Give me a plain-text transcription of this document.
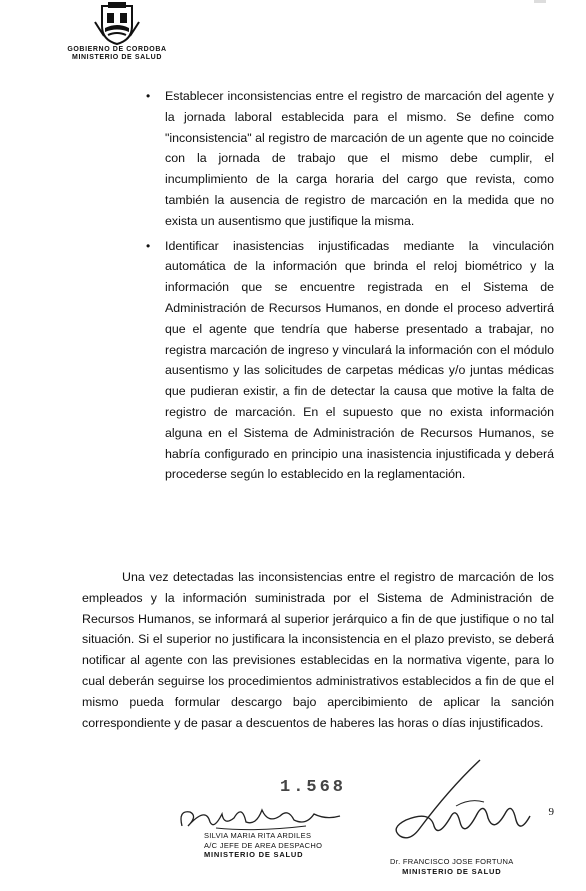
GOBIERNO DE CORDOBA
MINISTERIO DE SALUD
• Establecer inconsistencias entre el registro de marcación del agente y la jornada laboral establecida para el mismo. Se define como "inconsistencia" al registro de marcación de un agente que no coincide con la jornada de trabajo que el mismo debe cumplir, el incumplimiento de la carga horaria del cargo que revista, como también la ausencia de registro de marcación en la medida que no exista un ausentismo que justifique la misma.
• Identificar inasistencias injustificadas mediante la vinculación automática de la información que brinda el reloj biométrico y la información que se encuentre registrada en el Sistema de Administración de Recursos Humanos, en donde el proceso advertirá que el agente que tendría que haberse presentado a trabajar, no registra marcación de ingreso y vinculará la información con el módulo ausentismo y las solicitudes de carpetas médicas y/o juntas médicas que pudieran existir, a fin de detectar la causa que motive la falta de registro de marcación. En el supuesto que no exista información alguna en el Sistema de Administración de Recursos Humanos, se habría configurado en principio una inasistencia injustificada y deberá procederse según lo establecido en la reglamentación.

Una vez detectadas las inconsistencias entre el registro de marcación de los empleados y la información suministrada por el Sistema de Administración de Recursos Humanos, se informará al superior jerárquico a fin de que justifique o no tal situación. Si el superior no justificara la inconsistencia en el plazo previsto, se deberá notificar al agente con las previsiones establecidas en la normativa vigente, para lo cual deberán seguirse los procedimientos administrativos establecidos a fin de que el mismo pueda formular descargo bajo apercibimiento de aplicar la sanción correspondiente y de pasar a descuentos de haberes las horas o días injustificados.

1.568
SILVIA MARIA RITA ARDILES
A/C JEFE DE AREA DESPACHO
MINISTERIO DE SALUD
Dr. FRANCISCO JOSE FORTUNA
MINISTERIO DE SALUD
9
